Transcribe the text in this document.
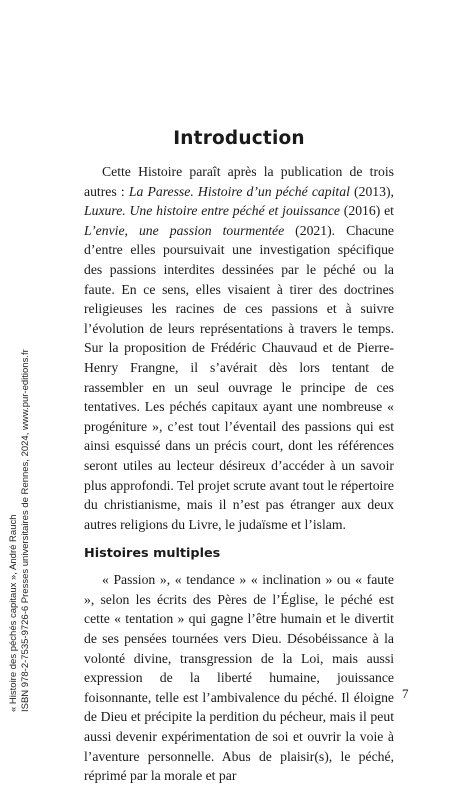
« Histoire des péchés capitaux », André Rauch ISBN 978-2-7535-9726-6 Presses universitaires de Rennes, 2024, www.pur-editions.fr
Introduction

Cette Histoire paraît après la publication de trois autres : La Paresse. Histoire d’un péché capital (2013), Luxure. Une histoire entre péché et jouissance (2016) et L’envie, une passion tourmentée (2021). Chacune d’entre elles poursuivait une investigation spécifique des passions interdites dessinées par le péché ou la faute. En ce sens, elles visaient à tirer des doctrines religieuses les racines de ces passions et à suivre l’évolution de leurs représentations à travers le temps. Sur la proposition de Frédéric Chauvaud et de Pierre-Henry Frangne, il s’avérait dès lors tentant de rassembler en un seul ouvrage le principe de ces tentatives. Les péchés capitaux ayant une nombreuse « progéniture », c’est tout l’éventail des passions qui est ainsi esquissé dans un précis court, dont les références seront utiles au lecteur désireux d’accéder à un savoir plus approfondi. Tel projet scrute avant tout le répertoire du christianisme, mais il n’est pas étranger aux deux autres religions du Livre, le judaïsme et l’islam.

Histoires multiples

« Passion », « tendance » « inclination » ou « faute », selon les écrits des Pères de l’Église, le péché est cette « tentation » qui gagne l’être humain et le divertit de ses pensées tournées vers Dieu. Désobéissance à la volonté divine, transgression de la Loi, mais aussi expression de la liberté humaine, jouissance foisonnante, telle est l’ambivalence du péché. Il éloigne de Dieu et précipite la perdition du pécheur, mais il peut aussi devenir expérimentation de soi et ouvrir la voie à l’aventure personnelle. Abus de plaisir(s), le péché, réprimé par la morale et par

7
